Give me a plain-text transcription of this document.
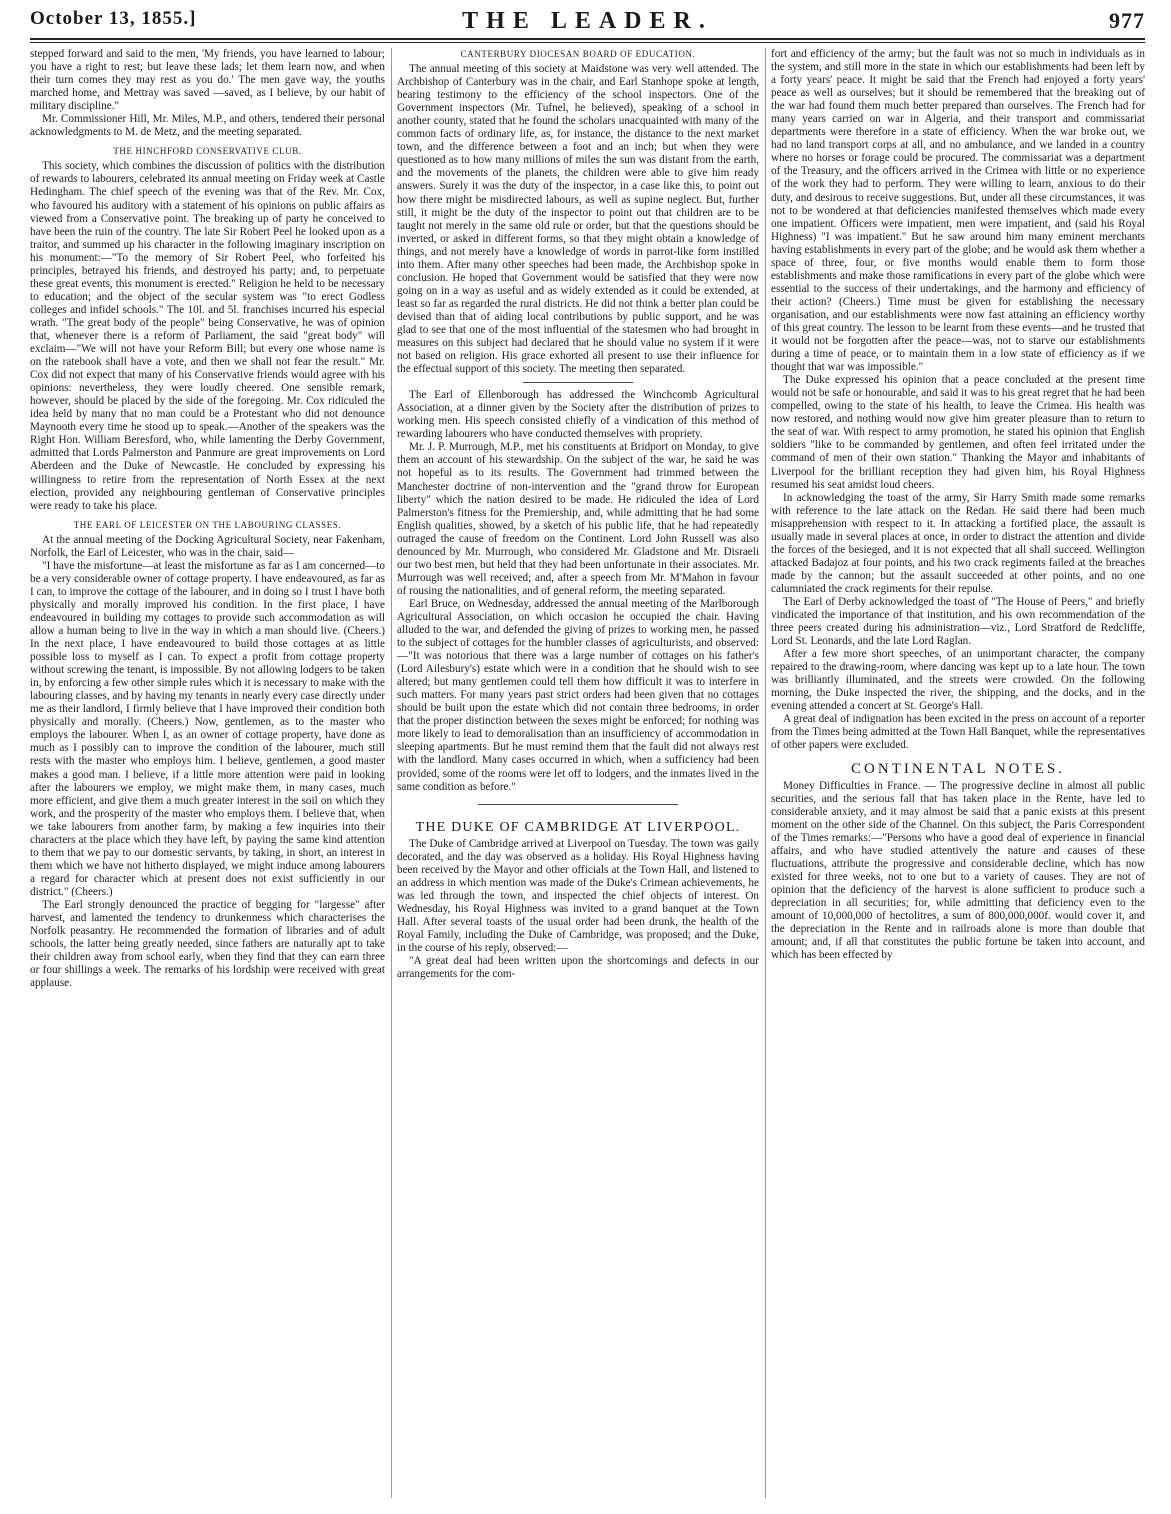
October 13, 1855.]	THE LEADER.	977

stepped forward and said to the men, 'My friends, you have learned to labour; you have a right to rest; but leave these lads; let them learn now, and when their turn comes they may rest as you do.' The men gave way, the youths marched home, and Mettray was saved —saved, as I believe, by our habit of military discipline."

Mr. Commissioner Hill, Mr. Miles, M.P., and others, tendered their personal acknowledgments to M. de Metz, and the meeting separated.

THE HINCHFORD CONSERVATIVE CLUB.

This society, which combines the discussion of politics with the distribution of rewards to labourers, celebrated its annual meeting on Friday week at Castle Hedingham. The chief speech of the evening was that of the Rev. Mr. Cox, who favoured his auditory with a statement of his opinions on public affairs as viewed from a Conservative point. The breaking up of party he conceived to have been the ruin of the country. The late Sir Robert Peel he looked upon as a traitor, and summed up his character in the following imaginary inscription on his monument:—"To the memory of Sir Robert Peel, who forfeited his principles, betrayed his friends, and destroyed his party; and, to perpetuate these great events, this monument is erected." Religion he held to be necessary to education; and the object of the secular system was "to erect Godless colleges and infidel schools." The 10l. and 5l. franchises incurred his especial wrath. "The great body of the people" being Conservative, he was of opinion that, whenever there is a reform of Parliament, the said "great body" will exclaim—"We will not have your Reform Bill; but every one whose name is on the ratebook shall have a vote, and then we shall not fear the result." Mr. Cox did not expect that many of his Conservative friends would agree with his opinions: nevertheless, they were loudly cheered. One sensible remark, however, should be placed by the side of the foregoing. Mr. Cox ridiculed the idea held by many that no man could be a Protestant who did not denounce Maynooth every time he stood up to speak.—Another of the speakers was the Right Hon. William Beresford, who, while lamenting the Derby Government, admitted that Lords Palmerston and Panmure are great improvements on Lord Aberdeen and the Duke of Newcastle. He concluded by expressing his willingness to retire from the representation of North Essex at the next election, provided any neighbouring gentleman of Conservative principles were ready to take his place.

THE EARL OF LEICESTER ON THE LABOURING CLASSES.

At the annual meeting of the Docking Agricultural Society, near Fakenham, Norfolk, the Earl of Leicester, who was in the chair, said—

"I have the misfortune—at least the misfortune as far as I am concerned—to be a very considerable owner of cottage property. I have endeavoured, as far as I can, to improve the cottage of the labourer, and in doing so I trust I have both physically and morally improved his condition. In the first place, I have endeavoured in building my cottages to provide such accommodation as will allow a human being to live in the way in which a man should live. (Cheers.) In the next place, I have endeavoured to build those cottages at as little possible loss to myself as I can. To expect a profit from cottage property without screwing the tenant, is impossible. By not allowing lodgers to be taken in, by enforcing a few other simple rules which it is necessary to make with the labouring classes, and by having my tenants in nearly every case directly under me as their landlord, I firmly believe that I have improved their condition both physically and morally. (Cheers.) Now, gentlemen, as to the master who employs the labourer. When I, as an owner of cottage property, have done as much as I possibly can to improve the condition of the labourer, much still rests with the master who employs him. I believe, gentlemen, a good master makes a good man. I believe, if a little more attention were paid in looking after the labourers we employ, we might make them, in many cases, much more efficient, and give them a much greater interest in the soil on which they work, and the prosperity of the master who employs them. I believe that, when we take labourers from another farm, by making a few inquiries into their characters at the place which they have left, by paying the same kind attention to them that we pay to our domestic servants, by taking, in short, an interest in them which we have not hitherto displayed, we might induce among labourers a regard for character which at present does not exist sufficiently in our district." (Cheers.)

The Earl strongly denounced the practice of begging for "largesse" after harvest, and lamented the tendency to drunkenness which characterises the Norfolk peasantry. He recommended the formation of libraries and of adult schools, the latter being greatly needed, since fathers are naturally apt to take their children away from school early, when they find that they can earn three or four shillings a week. The remarks of his lordship were received with great applause.

CANTERBURY DIOCESAN BOARD OF EDUCATION.

The annual meeting of this society at Maidstone was very well attended. The Archbishop of Canterbury was in the chair, and Earl Stanhope spoke at length, bearing testimony to the efficiency of the school inspectors. One of the Government inspectors (Mr. Tufnel, he believed), speaking of a school in another county, stated that he found the scholars unacquainted with many of the common facts of ordinary life, as, for instance, the distance to the next market town, and the difference between a foot and an inch; but when they were questioned as to how many millions of miles the sun was distant from the earth, and the movements of the planets, the children were able to give him ready answers. Surely it was the duty of the inspector, in a case like this, to point out how there might be misdirected labours, as well as supine neglect. But, further still, it might be the duty of the inspector to point out that children are to be taught not merely in the same old rule or order, but that the questions should be inverted, or asked in different forms, so that they might obtain a knowledge of things, and not merely have a knowledge of words in parrot-like form instilled into them. After many other speeches had been made, the Archbishop spoke in conclusion. He hoped that Government would be satisfied that they were now going on in a way as useful and as widely extended as it could be extended, at least so far as regarded the rural districts. He did not think a better plan could be devised than that of aiding local contributions by public support, and he was glad to see that one of the most influential of the statesmen who had brought in measures on this subject had declared that he should value no system if it were not based on religion. His grace exhorted all present to use their influence for the effectual support of this society. The meeting then separated.

The Earl of Ellenborough has addressed the Winchcomb Agricultural Association, at a dinner given by the Society after the distribution of prizes to working men. His speech consisted chiefly of a vindication of this method of rewarding labourers who have conducted themselves with propriety.

Mr. J. P. Murrough, M.P., met his constituents at Bridport on Monday, to give them an account of his stewardship. On the subject of the war, he said he was not hopeful as to its results. The Government had trimmed between the Manchester doctrine of non-intervention and the "grand throw for European liberty" which the nation desired to be made. He ridiculed the idea of Lord Palmerston's fitness for the Premiership, and, while admitting that he had some English qualities, showed, by a sketch of his public life, that he had repeatedly outraged the cause of freedom on the Continent. Lord John Russell was also denounced by Mr. Murrough, who considered Mr. Gladstone and Mr. Disraeli our two best men, but held that they had been unfortunate in their associates. Mr. Murrough was well received; and, after a speech from Mr. M'Mahon in favour of rousing the nationalities, and of general reform, the meeting separated.

Earl Bruce, on Wednesday, addressed the annual meeting of the Marlborough Agricultural Association, on which occasion he occupied the chair. Having alluded to the war, and defended the giving of prizes to working men, he passed to the subject of cottages for the humbler classes of agriculturists, and observed:—"It was notorious that there was a large number of cottages on his father's (Lord Ailesbury's) estate which were in a condition that he should wish to see altered; but many gentlemen could tell them how difficult it was to interfere in such matters. For many years past strict orders had been given that no cottages should be built upon the estate which did not contain three bedrooms, in order that the proper distinction between the sexes might be enforced; for nothing was more likely to lead to demoralisation than an insufficiency of accommodation in sleeping apartments. But he must remind them that the fault did not always rest with the landlord. Many cases occurred in which, when a sufficiency had been provided, some of the rooms were let off to lodgers, and the inmates lived in the same condition as before."

THE DUKE OF CAMBRIDGE AT LIVERPOOL.

The Duke of Cambridge arrived at Liverpool on Tuesday. The town was gaily decorated, and the day was observed as a holiday. His Royal Highness having been received by the Mayor and other officials at the Town Hall, and listened to an address in which mention was made of the Duke's Crimean achievements, he was led through the town, and inspected the chief objects of interest. On Wednesday, his Royal Highness was invited to a grand banquet at the Town Hall. After several toasts of the usual order had been drunk, the health of the Royal Family, including the Duke of Cambridge, was proposed; and the Duke, in the course of his reply, observed:—

"A great deal had been written upon the shortcomings and defects in our arrangements for the com-

fort and efficiency of the army; but the fault was not so much in individuals as in the system, and still more in the state in which our establishments had been left by a forty years' peace. It might be said that the French had enjoyed a forty years' peace as well as ourselves; but it should be remembered that the breaking out of the war had found them much better prepared than ourselves. The French had for many years carried on war in Algeria, and their transport and commissariat departments were therefore in a state of efficiency. When the war broke out, we had no land transport corps at all, and no ambulance, and we landed in a country where no horses or forage could be procured. The commissariat was a department of the Treasury, and the officers arrived in the Crimea with little or no experience of the work they had to perform. They were willing to learn, anxious to do their duty, and desirous to receive suggestions. But, under all these circumstances, it was not to be wondered at that deficiencies manifested themselves which made every one impatient. Officers were impatient, men were impatient, and (said his Royal Highness) "I was impatient." But he saw around him many eminent merchants having establishments in every part of the globe; and he would ask them whether a space of three, four, or five months would enable them to form those establishments and make those ramifications in every part of the globe which were essential to the success of their undertakings, and the harmony and efficiency of their action? (Cheers.) Time must be given for establishing the necessary organisation, and our establishments were now fast attaining an efficiency worthy of this great country. The lesson to be learnt from these events—and he trusted that it would not be forgotten after the peace—was, not to starve our establishments during a time of peace, or to maintain them in a low state of efficiency as if we thought that war was impossible."

The Duke expressed his opinion that a peace concluded at the present time would not be safe or honourable, and said it was to his great regret that he had been compelled, owing to the state of his health, to leave the Crimea. His health was now restored, and nothing would now give him greater pleasure than to return to the seat of war. With respect to army promotion, he stated his opinion that English soldiers "like to be commanded by gentlemen, and often feel irritated under the command of men of their own station." Thanking the Mayor and inhabitants of Liverpool for the brilliant reception they had given him, his Royal Highness resumed his seat amidst loud cheers.

In acknowledging the toast of the army, Sir Harry Smith made some remarks with reference to the late attack on the Redan. He said there had been much misapprehension with respect to it. In attacking a fortified place, the assault is usually made in several places at once, in order to distract the attention and divide the forces of the besieged, and it is not expected that all shall succeed. Wellington attacked Badajoz at four points, and his two crack regiments failed at the breaches made by the cannon; but the assault succeeded at other points, and no one calumniated the crack regiments for their repulse.

The Earl of Derby acknowledged the toast of "The House of Peers," and briefly vindicated the importance of that institution, and his own recommendation of the three peers created during his administration—viz., Lord Stratford de Redcliffe, Lord St. Leonards, and the late Lord Raglan.

After a few more short speeches, of an unimportant character, the company repaired to the drawing-room, where dancing was kept up to a late hour. The town was brilliantly illuminated, and the streets were crowded. On the following morning, the Duke inspected the river, the shipping, and the docks, and in the evening attended a concert at St. George's Hall.

A great deal of indignation has been excited in the press on account of a reporter from the Times being admitted at the Town Hall Banquet, while the representatives of other papers were excluded.

CONTINENTAL NOTES.

Money Difficulties in France. — The progressive decline in almost all public securities, and the serious fall that has taken place in the Rente, have led to considerable anxiety, and it may almost be said that a panic exists at this present moment on the other side of the Channel. On this subject, the Paris Correspondent of the Times remarks:—"Persons who have a good deal of experience in financial affairs, and who have studied attentively the nature and causes of these fluctuations, attribute the progressive and considerable decline, which has now existed for three weeks, not to one but to a variety of causes. They are not of opinion that the deficiency of the harvest is alone sufficient to produce such a depreciation in all securities; for, while admitting that deficiency even to the amount of 10,000,000 of hectolitres, a sum of 800,000,000f. would cover it, and the depreciation in the Rente and in railroads alone is more than double that amount; and, if all that constitutes the public fortune be taken into account, and which has been effected by
